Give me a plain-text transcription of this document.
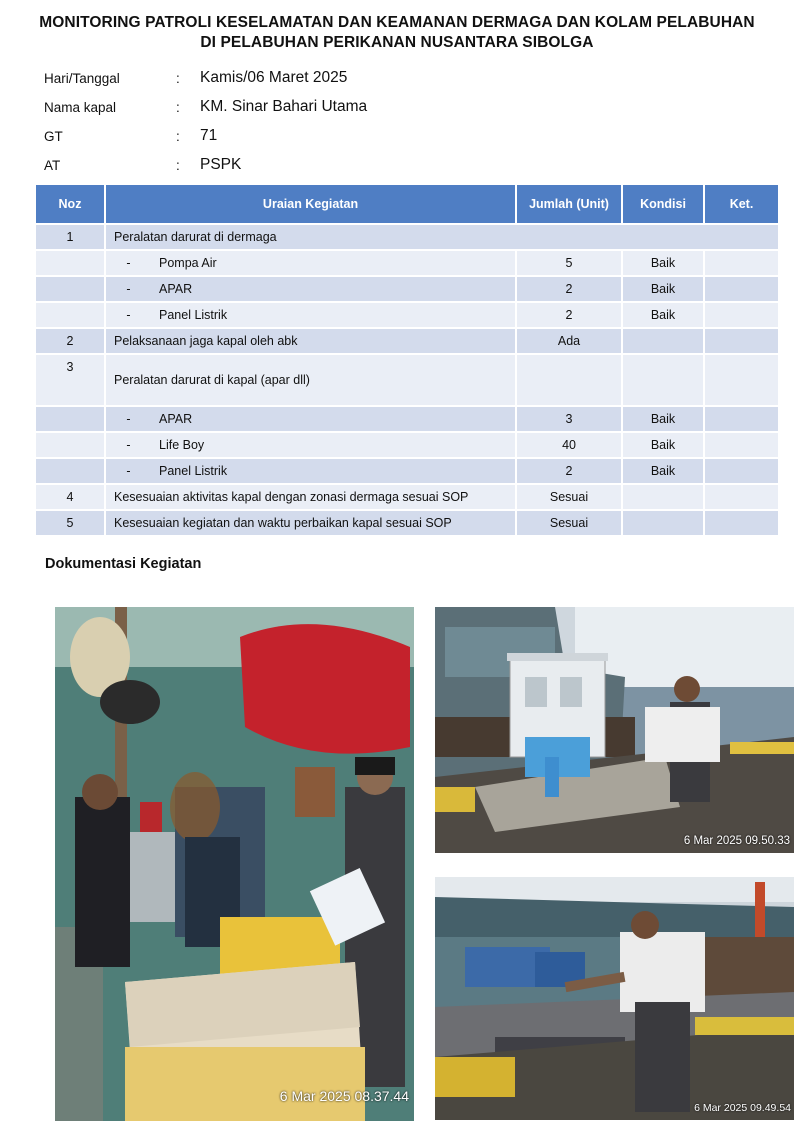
MONITORING PATROLI KESELAMATAN DAN KEAMANAN DERMAGA DAN KOLAM PELABUHAN
DI PELABUHAN PERIKANAN NUSANTARA SIBOLGA
Hari/Tanggal	: Kamis/06 Maret 2025
Nama kapal	: KM. Sinar Bahari Utama
GT	: 71
AT	: PSPK
Noz	Uraian Kegiatan		Jumlah (Unit)	Kondisi	Ket.

1	Peralatan darurat di dermaga				

	-	Pompa Air	5	Baik	

	-	APAR	2	Baik	

	-	Panel Listrik	2	Baik	

2	Pelaksanaan jaga kapal oleh abk		Ada		

3	Peralatan darurat di kapal (apar dll)				

	-	APAR	3	Baik	

	-	Life Boy	40	Baik	

	-	Panel Listrik	2	Baik	

4	Kesesuaian aktivitas kapal dengan zonasi dermaga sesuai SOP		Sesuai		

5	Kesesuaian kegiatan dan waktu perbaikan kapal sesuai SOP		Sesuai		

Dokumentasi Kegiatan
6 Mar 2025 08.37.44
6 Mar 2025 09.50.33
6 Mar 2025 09.49.54
